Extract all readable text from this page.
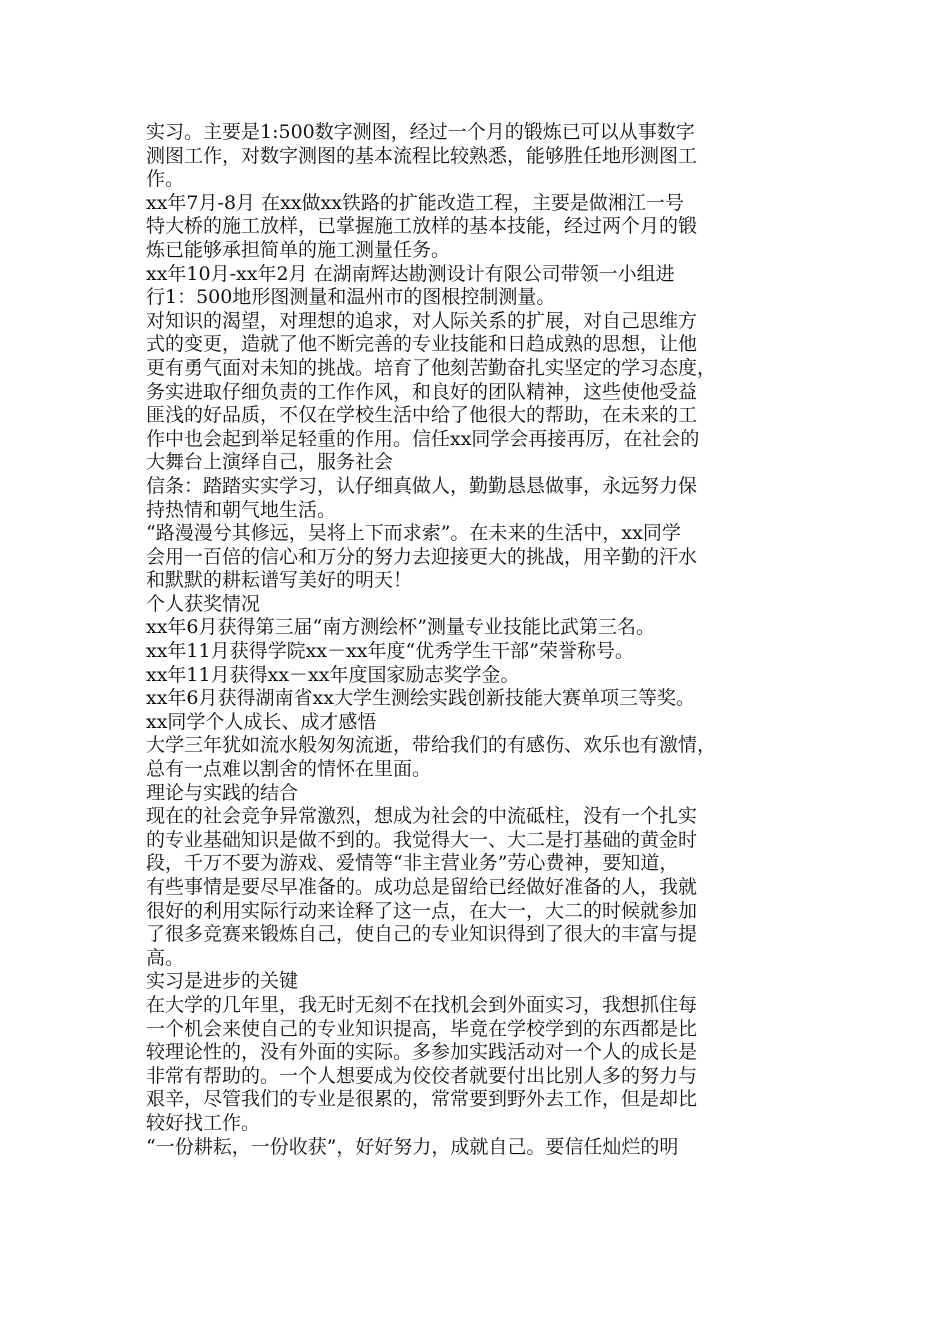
实习。主要是1:500数字测图，经过一个月的锻炼已可以从事数字
测图工作，对数字测图的基本流程比较熟悉，能够胜任地形测图工
作。
xx年7月-8月 在xx做xx铁路的扩能改造工程，主要是做湘江一号
特大桥的施工放样，已掌握施工放样的基本技能，经过两个月的锻
炼已能够承担简单的施工测量任务。
xx年10月-xx年2月 在湖南辉达勘测设计有限公司带领一小组进
行1：500地形图测量和温州市的图根控制测量。
对知识的渴望，对理想的追求，对人际关系的扩展，对自己思维方
式的变更，造就了他不断完善的专业技能和日趋成熟的思想，让他
更有勇气面对未知的挑战。培育了他刻苦勤奋扎实坚定的学习态度，
务实进取仔细负责的工作作风，和良好的团队精神，这些使他受益
匪浅的好品质，不仅在学校生活中给了他很大的帮助，在未来的工
作中也会起到举足轻重的作用。信任xx同学会再接再厉，在社会的
大舞台上演绎自己，服务社会
信条：踏踏实实学习，认仔细真做人，勤勤恳恳做事，永远努力保
持热情和朝气地生活。
“路漫漫兮其修远，吴将上下而求索”。在未来的生活中，xx同学
会用一百倍的信心和万分的努力去迎接更大的挑战，用辛勤的汗水
和默默的耕耘谱写美好的明天！
个人获奖情况
xx年6月获得第三届“南方测绘杯”测量专业技能比武第三名。
xx年11月获得学院xx－xx年度“优秀学生干部”荣誉称号。
xx年11月获得xx－xx年度国家励志奖学金。
xx年6月获得湖南省xx大学生测绘实践创新技能大赛单项三等奖。
xx同学个人成长、成才感悟
大学三年犹如流水般匆匆流逝，带给我们的有感伤、欢乐也有激情，
总有一点难以割舍的情怀在里面。
理论与实践的结合
现在的社会竞争异常激烈，想成为社会的中流砥柱，没有一个扎实
的专业基础知识是做不到的。我觉得大一、大二是打基础的黄金时
段，千万不要为游戏、爱情等“非主营业务”劳心费神，要知道，
有些事情是要尽早准备的。成功总是留给已经做好准备的人，我就
很好的利用实际行动来诠释了这一点，在大一，大二的时候就参加
了很多竞赛来锻炼自己，使自己的专业知识得到了很大的丰富与提
高。
实习是进步的关键
在大学的几年里，我无时无刻不在找机会到外面实习，我想抓住每
一个机会来使自己的专业知识提高，毕竟在学校学到的东西都是比
较理论性的，没有外面的实际。多参加实践活动对一个人的成长是
非常有帮助的。一个人想要成为佼佼者就要付出比别人多的努力与
艰辛，尽管我们的专业是很累的，常常要到野外去工作，但是却比
较好找工作。
“一份耕耘，一份收获”，好好努力，成就自己。要信任灿烂的明
